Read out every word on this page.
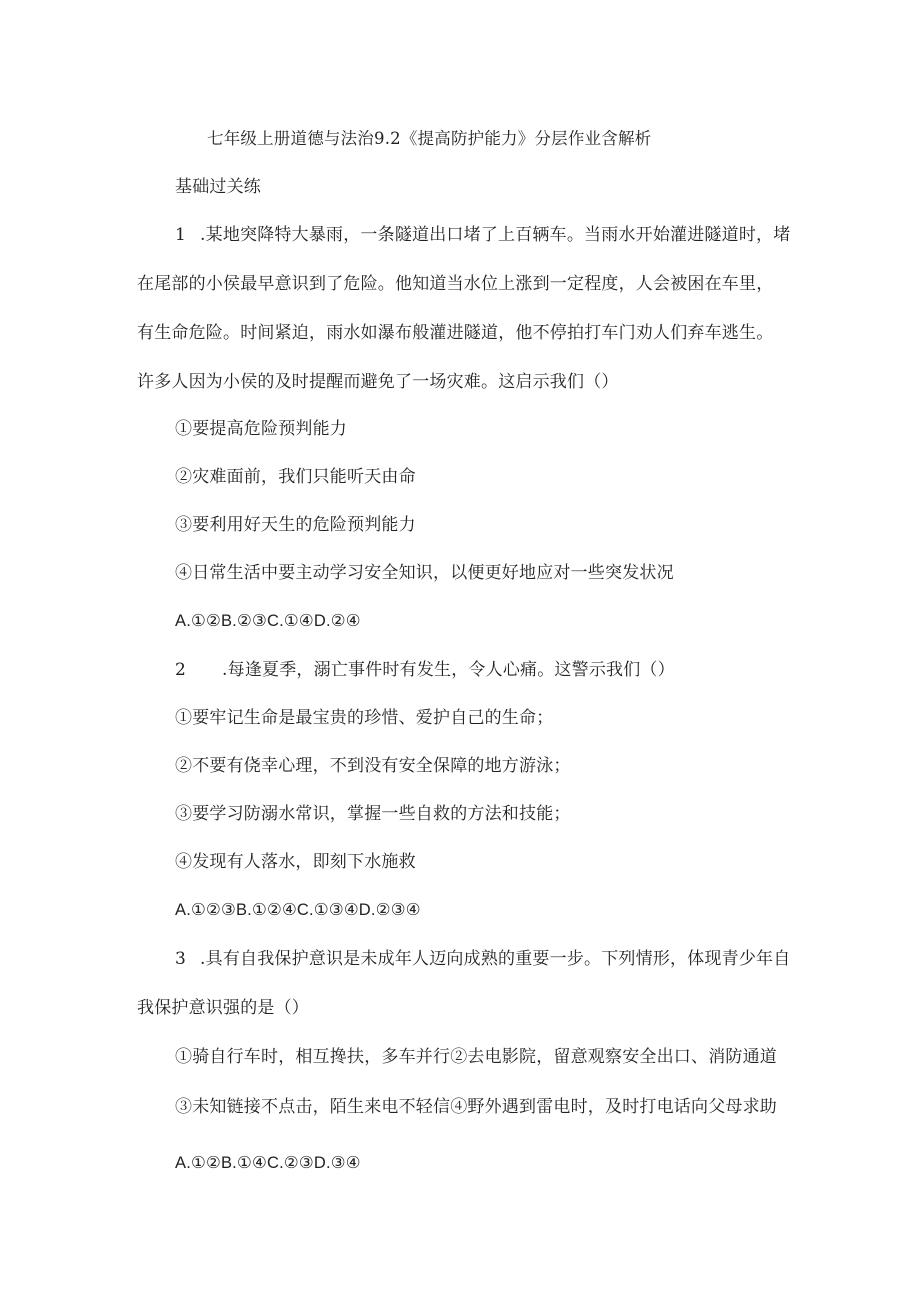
七年级上册道德与法治9.2《提高防护能力》分层作业含解析
基础过关练
1 .某地突降特大暴雨，一条隧道出口堵了上百辆车。当雨水开始灌进隧道时，堵
在尾部的小侯最早意识到了危险。他知道当水位上涨到一定程度，人会被困在车里，
有生命危险。时间紧迫，雨水如瀑布般灌进隧道，他不停拍打车门劝人们弃车逃生。
许多人因为小侯的及时提醒而避免了一场灾难。这启示我们（）
①要提高危险预判能力
②灾难面前，我们只能听天由命
③要利用好天生的危险预判能力
④日常生活中要主动学习安全知识，以便更好地应对一些突发状况
A.①②B.②③C.①④D.②④
2 .每逢夏季，溺亡事件时有发生，令人心痛。这警示我们（）
①要牢记生命是最宝贵的珍惜、爱护自己的生命；
②不要有侥幸心理，不到没有安全保障的地方游泳；
③要学习防溺水常识，掌握一些自救的方法和技能；
④发现有人落水，即刻下水施救
A.①②③B.①②④C.①③④D.②③④
3 .具有自我保护意识是未成年人迈向成熟的重要一步。下列情形，体现青少年自
我保护意识强的是（）
①骑自行车时，相互搀扶，多车并行②去电影院，留意观察安全出口、消防通道
③未知链接不点击，陌生来电不轻信④野外遇到雷电时，及时打电话向父母求助
A.①②B.①④C.②③D.③④
